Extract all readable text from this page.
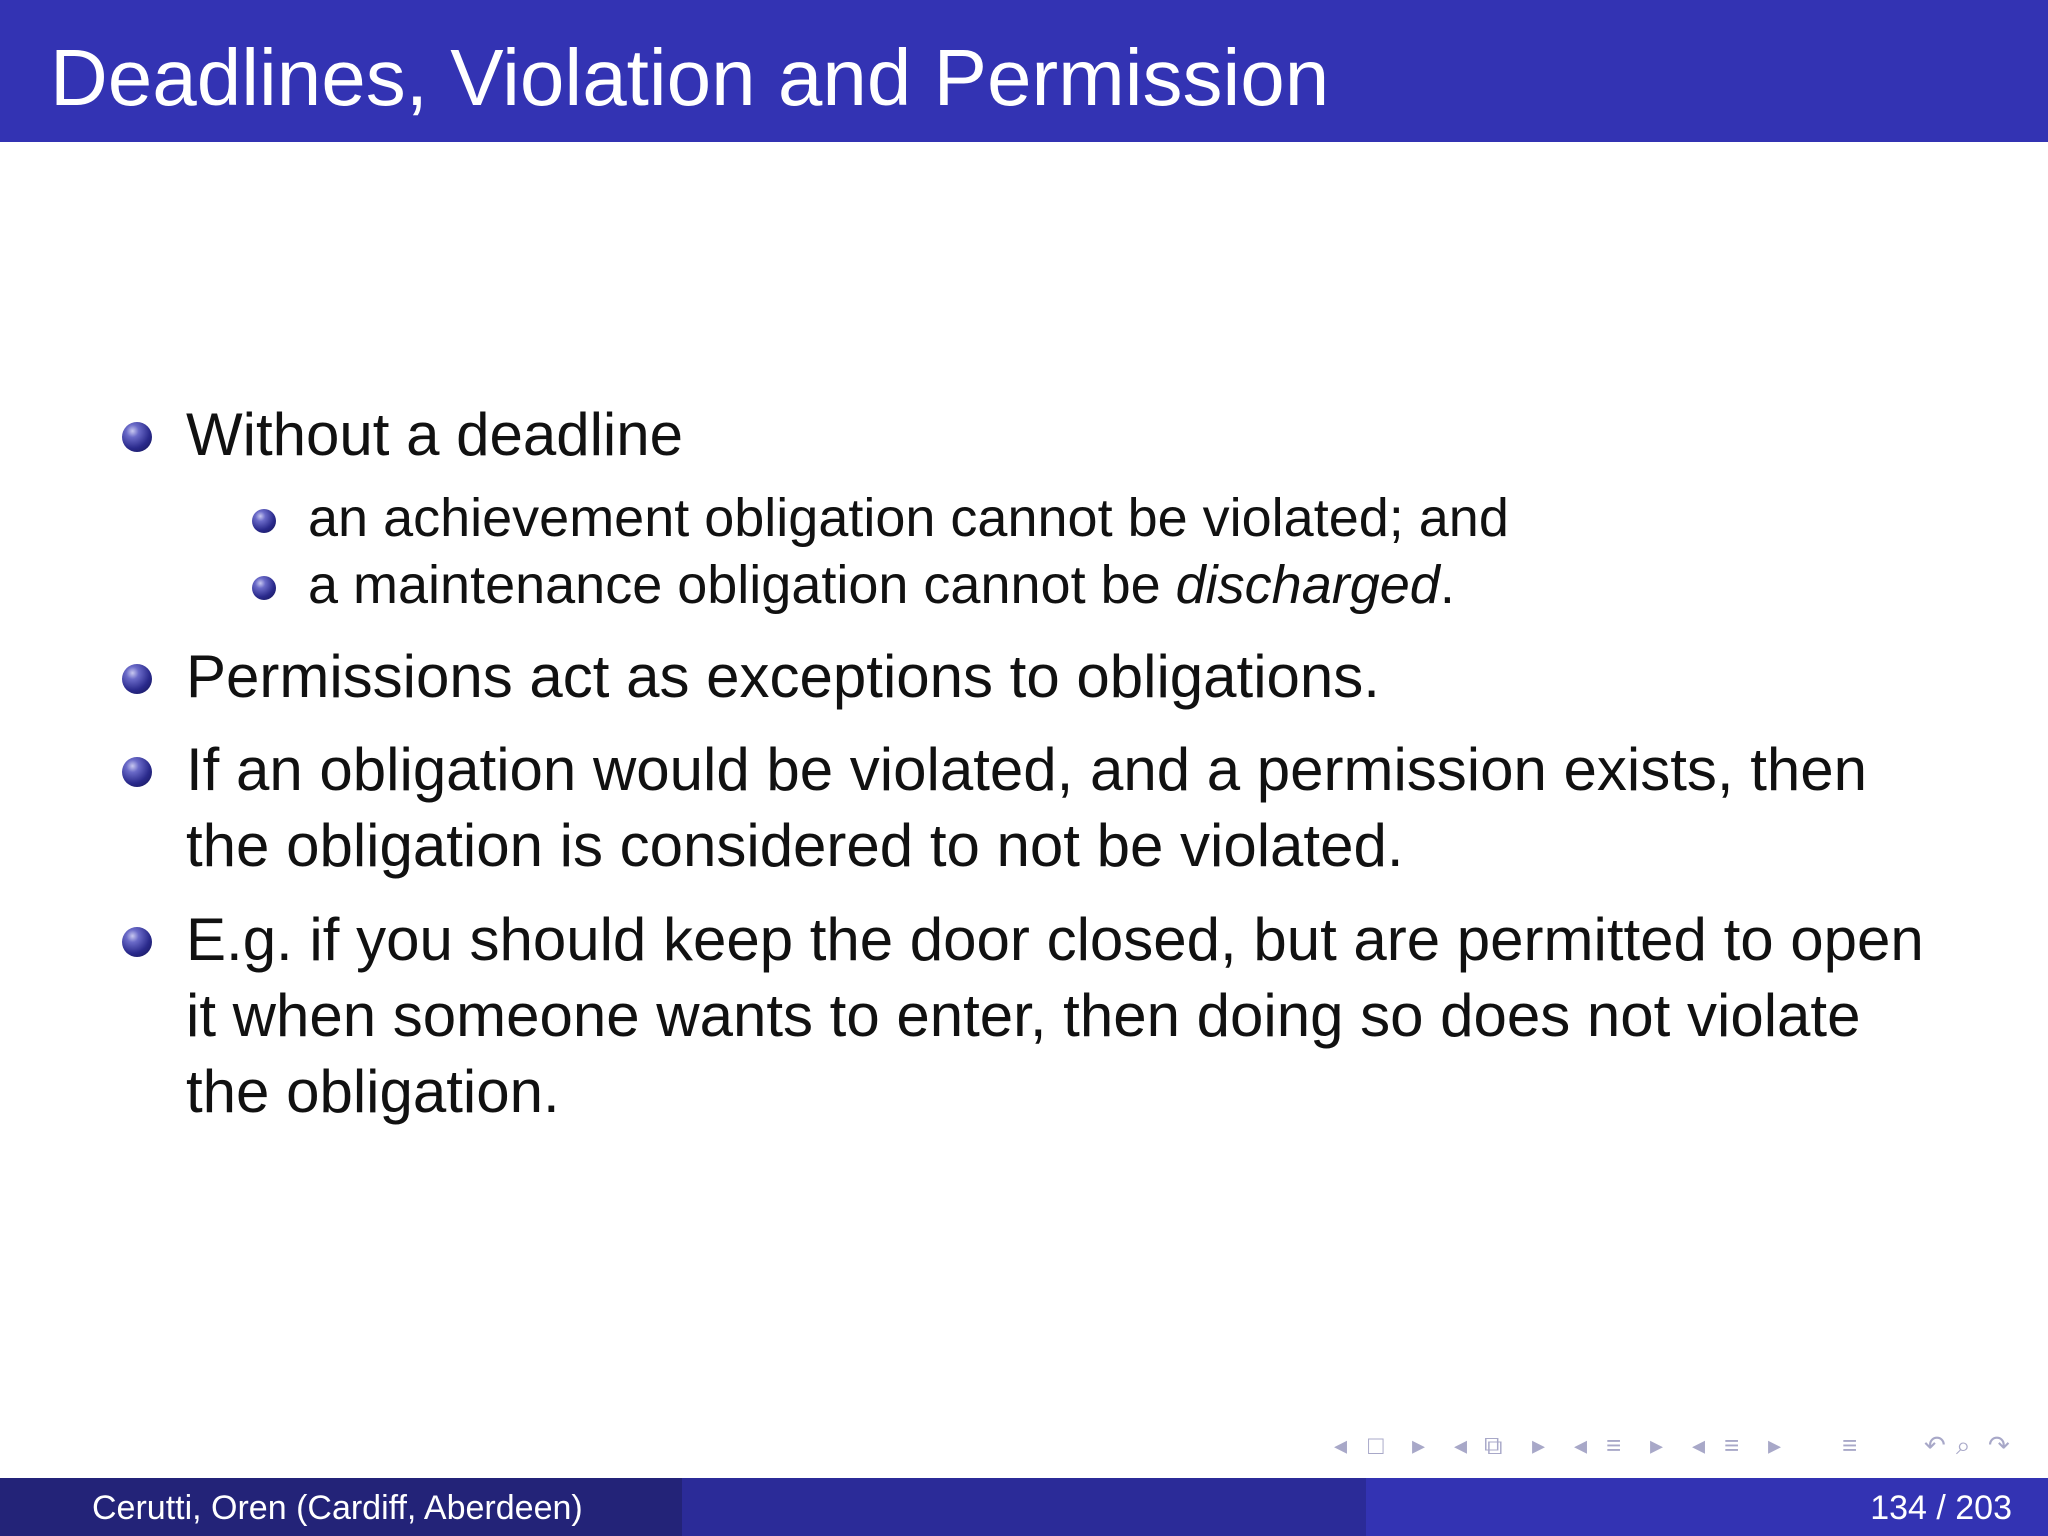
Deadlines, Violation and Permission

Without a deadline

an achievement obligation cannot be violated; and

a maintenance obligation cannot be discharged.

Permissions act as exceptions to obligations.

If an obligation would be violated, and a permission exists, then
the obligation is considered to not be violated.

E.g. if you should keep the door closed, but are permitted to open
it when someone wants to enter, then doing so does not violate
the obligation.

◂ □ ▸ ◂ ⧉ ▸ ◂ ≡ ▸ ◂ ≡ ▸ ≡	↶ ⌕ ↷
Cerutti, Oren (Cardiff, Aberdeen)	134 / 203
